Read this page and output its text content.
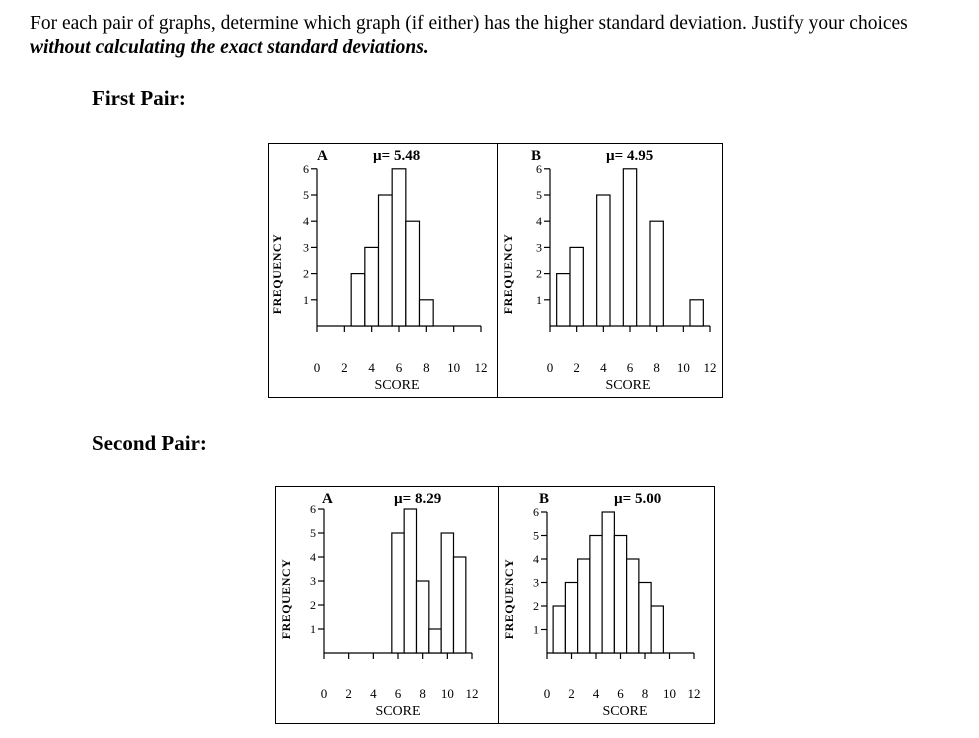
For each pair of graphs, determine which graph (if either) has the higher standard deviation. Justify your choices
without calculating the exact standard deviations.
First Pair:
Second Pair:
A	µ= 5.48
FREQUENCY 1
2
3
4
5
6
0 2 4 6 8 10 12
SCORE
B	µ= 4.95
FREQUENCY 1
2
3
4
5
6
0 2 4 6 8 10 12
SCORE
A	µ= 8.29
FREQUENCY 1
2
3
4
5
6
0 2 4 6 8 10 12
SCORE
B	µ= 5.00
FREQUENCY 1
2
3
4
5
6
0 2 4 6 8 10 12
SCORE
